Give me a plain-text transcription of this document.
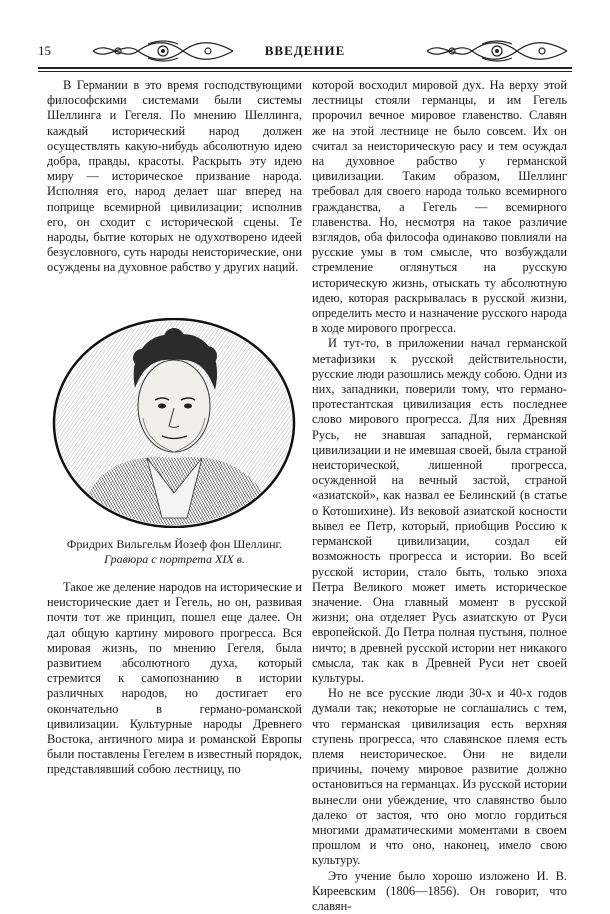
15	ВВЕДЕНИЕ

В Германии в это время господствующими философскими системами были системы Шеллинга и Гегеля. По мнению Шеллинга, каждый исторический народ должен осуществлять какую-нибудь абсолютную идею добра, правды, красоты. Раскрыть эту идею миру — историческое призвание народа. Исполняя его, народ делает шаг вперед на поприще всемирной цивилизации; исполнив его, он сходит с исторической сцены. Те народы, бытие которых не одухотворено идеей безусловного, суть народы неисторические, они осуждены на духовное рабство у других наций.

Фридрих Вильгельм Йозеф фон Шеллинг.
Гравюра с портрета XIX в.

Такое же деление народов на исторические и неисторические дает и Гегель, но он, развивая почти тот же принцип, пошел еще далее. Он дал общую картину мирового прогресса. Вся мировая жизнь, по мнению Гегеля, была развитием абсолютного духа, который стремится к самопознанию в истории различных народов, но достигает его окончательно в германо-романской цивилизации. Культурные народы Древнего Востока, античного мира и романской Европы были поставлены Гегелем в известный порядок, представлявший собою лестницу, по

которой восходил мировой дух. На верху этой лестницы стояли германцы, и им Гегель пророчил вечное мировое главенство. Славян же на этой лестнице не было совсем. Их он считал за неисторическую расу и тем осуждал на духовное рабство у германской цивилизации. Таким образом, Шеллинг требовал для своего народа только всемирного гражданства, а Гегель — всемирного главенства. Но, несмотря на такое различие взглядов, оба философа одинаково повлияли на русские умы в том смысле, что возбуждали стремление оглянуться на русскую историческую жизнь, отыскать ту абсолютную идею, которая раскрывалась в русской жизни, определить место и назначение русского народа в ходе мирового прогресса.

И тут-то, в приложении начал германской метафизики к русской действительности, русские люди разошлись между собою. Одни из них, западники, поверили тому, что германо-протестантская цивилизация есть последнее слово мирового прогресса. Для них Древняя Русь, не знавшая западной, германской цивилизации и не имевшая своей, была страной неисторической, лишенной прогресса, осужденной на вечный застой, страной «азиатской», как назвал ее Белинский (в статье о Котошихине). Из вековой азиатской косности вывел ее Петр, который, приобщив Россию к германской цивилизации, создал ей возможность прогресса и истории. Во всей русской истории, стало быть, только эпоха Петра Великого может иметь историческое значение. Она главный момент в русской жизни; она отделяет Русь азиатскую от Руси европейской. До Петра полная пустыня, полное ничто; в древней русской истории нет никакого смысла, так как в Древней Руси нет своей культуры.

Но не все русские люди 30-х и 40-х годов думали так; некоторые не соглашались с тем, что германская цивилизация есть верхняя ступень прогресса, что славянское племя есть племя неисторическое. Они не видели причины, почему мировое развитие должно остановиться на германцах. Из русской истории вынесли они убеждение, что славянство было далеко от застоя, что оно могло гордиться многими драматическими моментами в своем прошлом и что оно, наконец, имело свою культуру.

Это учение было хорошо изложено И. В. Киреевским (1806—1856). Он говорит, что славян-
